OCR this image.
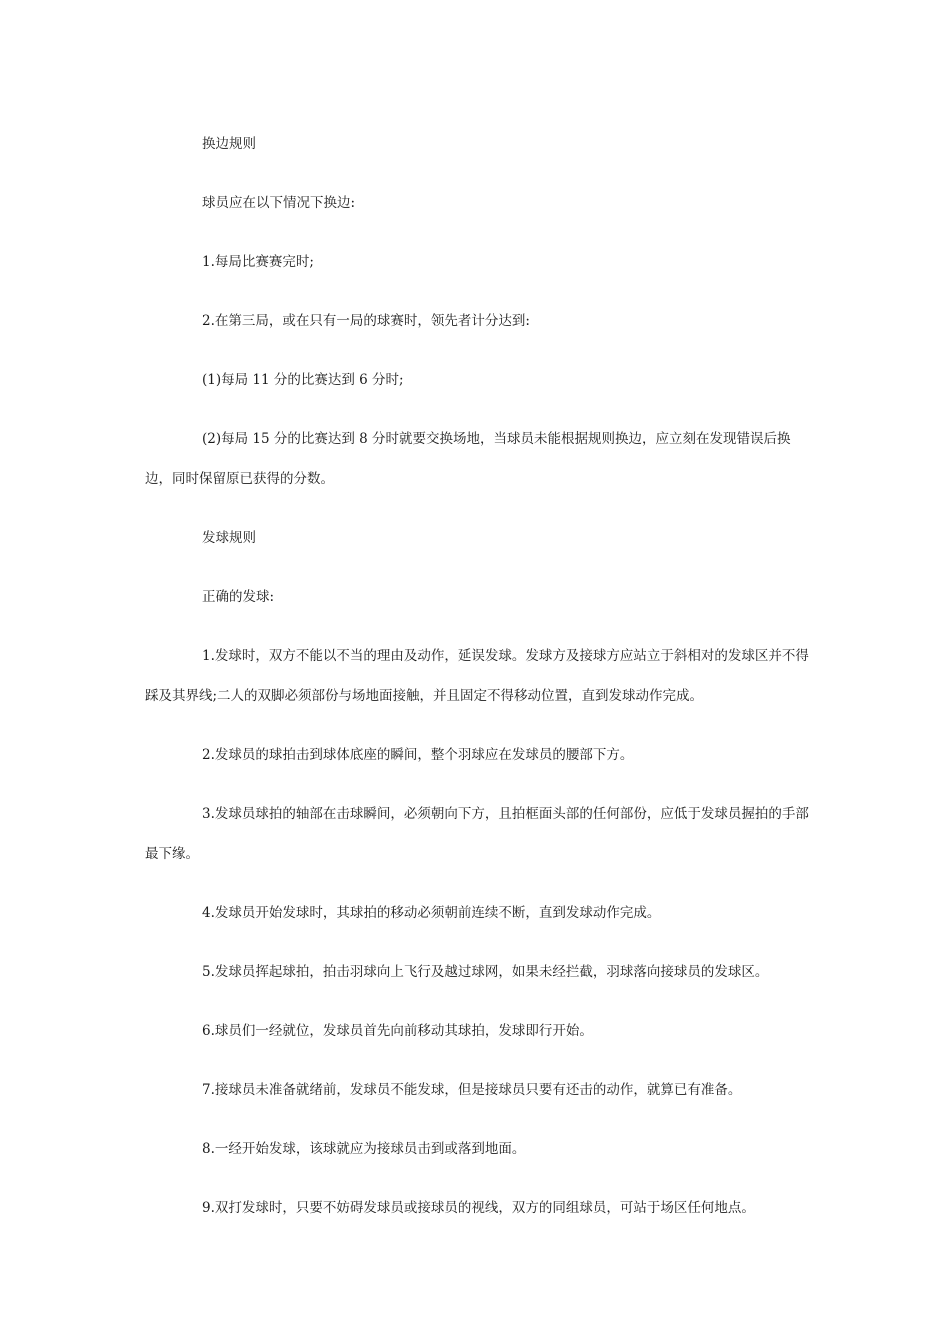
换边规则

球员应在以下情况下换边:

1.每局比赛赛完时;

2.在第三局，或在只有一局的球赛时，领先者计分达到:

(1)每局 11 分的比赛达到 6 分时;

(2)每局 15 分的比赛达到 8 分时就要交换场地，当球员未能根据规则换边，应立刻在发现错误后换边，同时保留原已获得的分数。

发球规则

正确的发球:

1.发球时，双方不能以不当的理由及动作，延误发球。发球方及接球方应站立于斜相对的发球区并不得踩及其界线;二人的双脚必须部份与场地面接触，并且固定不得移动位置，直到发球动作完成。

2.发球员的球拍击到球体底座的瞬间，整个羽球应在发球员的腰部下方。

3.发球员球拍的轴部在击球瞬间，必须朝向下方，且拍框面头部的任何部份，应低于发球员握拍的手部最下缘。

4.发球员开始发球时，其球拍的移动必须朝前连续不断，直到发球动作完成。

5.发球员挥起球拍，拍击羽球向上飞行及越过球网，如果未经拦截，羽球落向接球员的发球区。

6.球员们一经就位，发球员首先向前移动其球拍，发球即行开始。

7.接球员未准备就绪前，发球员不能发球，但是接球员只要有还击的动作，就算已有准备。

8.一经开始发球，该球就应为接球员击到或落到地面。

9.双打发球时，只要不妨碍发球员或接球员的视线，双方的同组球员，可站于场区任何地点。
